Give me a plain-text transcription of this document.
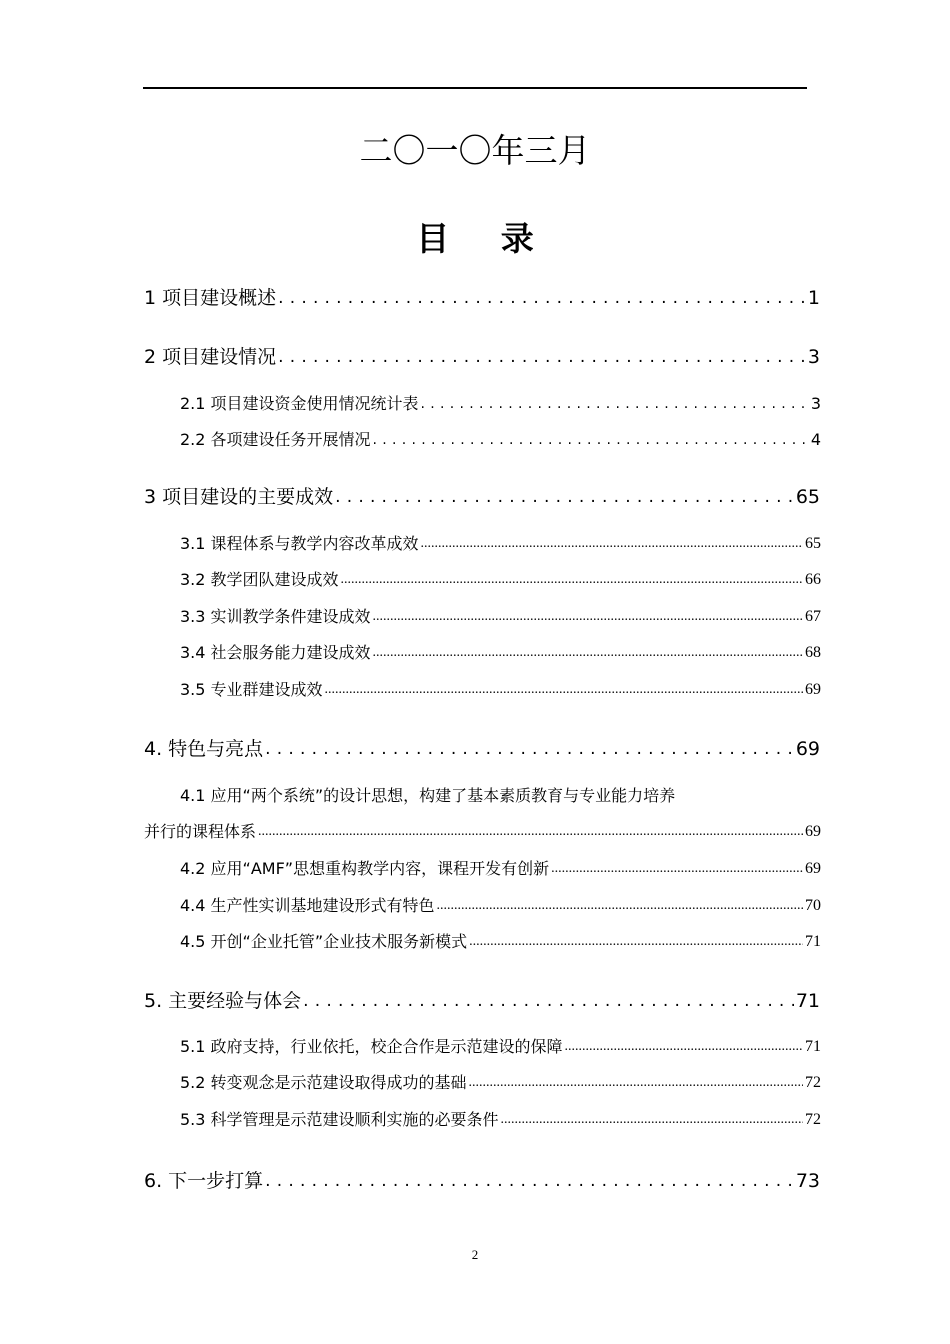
二〇一〇年三月
目 录
1 项目建设概述 .....	1
2 项目建设情况 .....	3
2.1 项目建设资金使用情况统计表 .....	3
2.2 各项建设任务开展情况 .....	4
3 项目建设的主要成效 .....	65
3.1 课程体系与教学内容改革成效 .....	65
3.2 教学团队建设成效 .....	66
3.3 实训教学条件建设成效 .....	67
3.4 社会服务能力建设成效 .....	68
3.5 专业群建设成效 .....	69
4. 特色与亮点 .....	69
4.1 应用“两个系统”的设计思想，构建了基本素质教育与专业能力培养
并行的课程体系 .....	69
4.2 应用“AMF”思想重构教学内容，课程开发有创新 .....	69
4.4 生产性实训基地建设形式有特色 .....	70
4.5 开创“企业托管”企业技术服务新模式 .....	71
5. 主要经验与体会 .....	71
5.1 政府支持，行业依托，校企合作是示范建设的保障 .....	71
5.2 转变观念是示范建设取得成功的基础 .....	72
5.3 科学管理是示范建设顺利实施的必要条件 .....	72
6. 下一步打算 .....	73
2
